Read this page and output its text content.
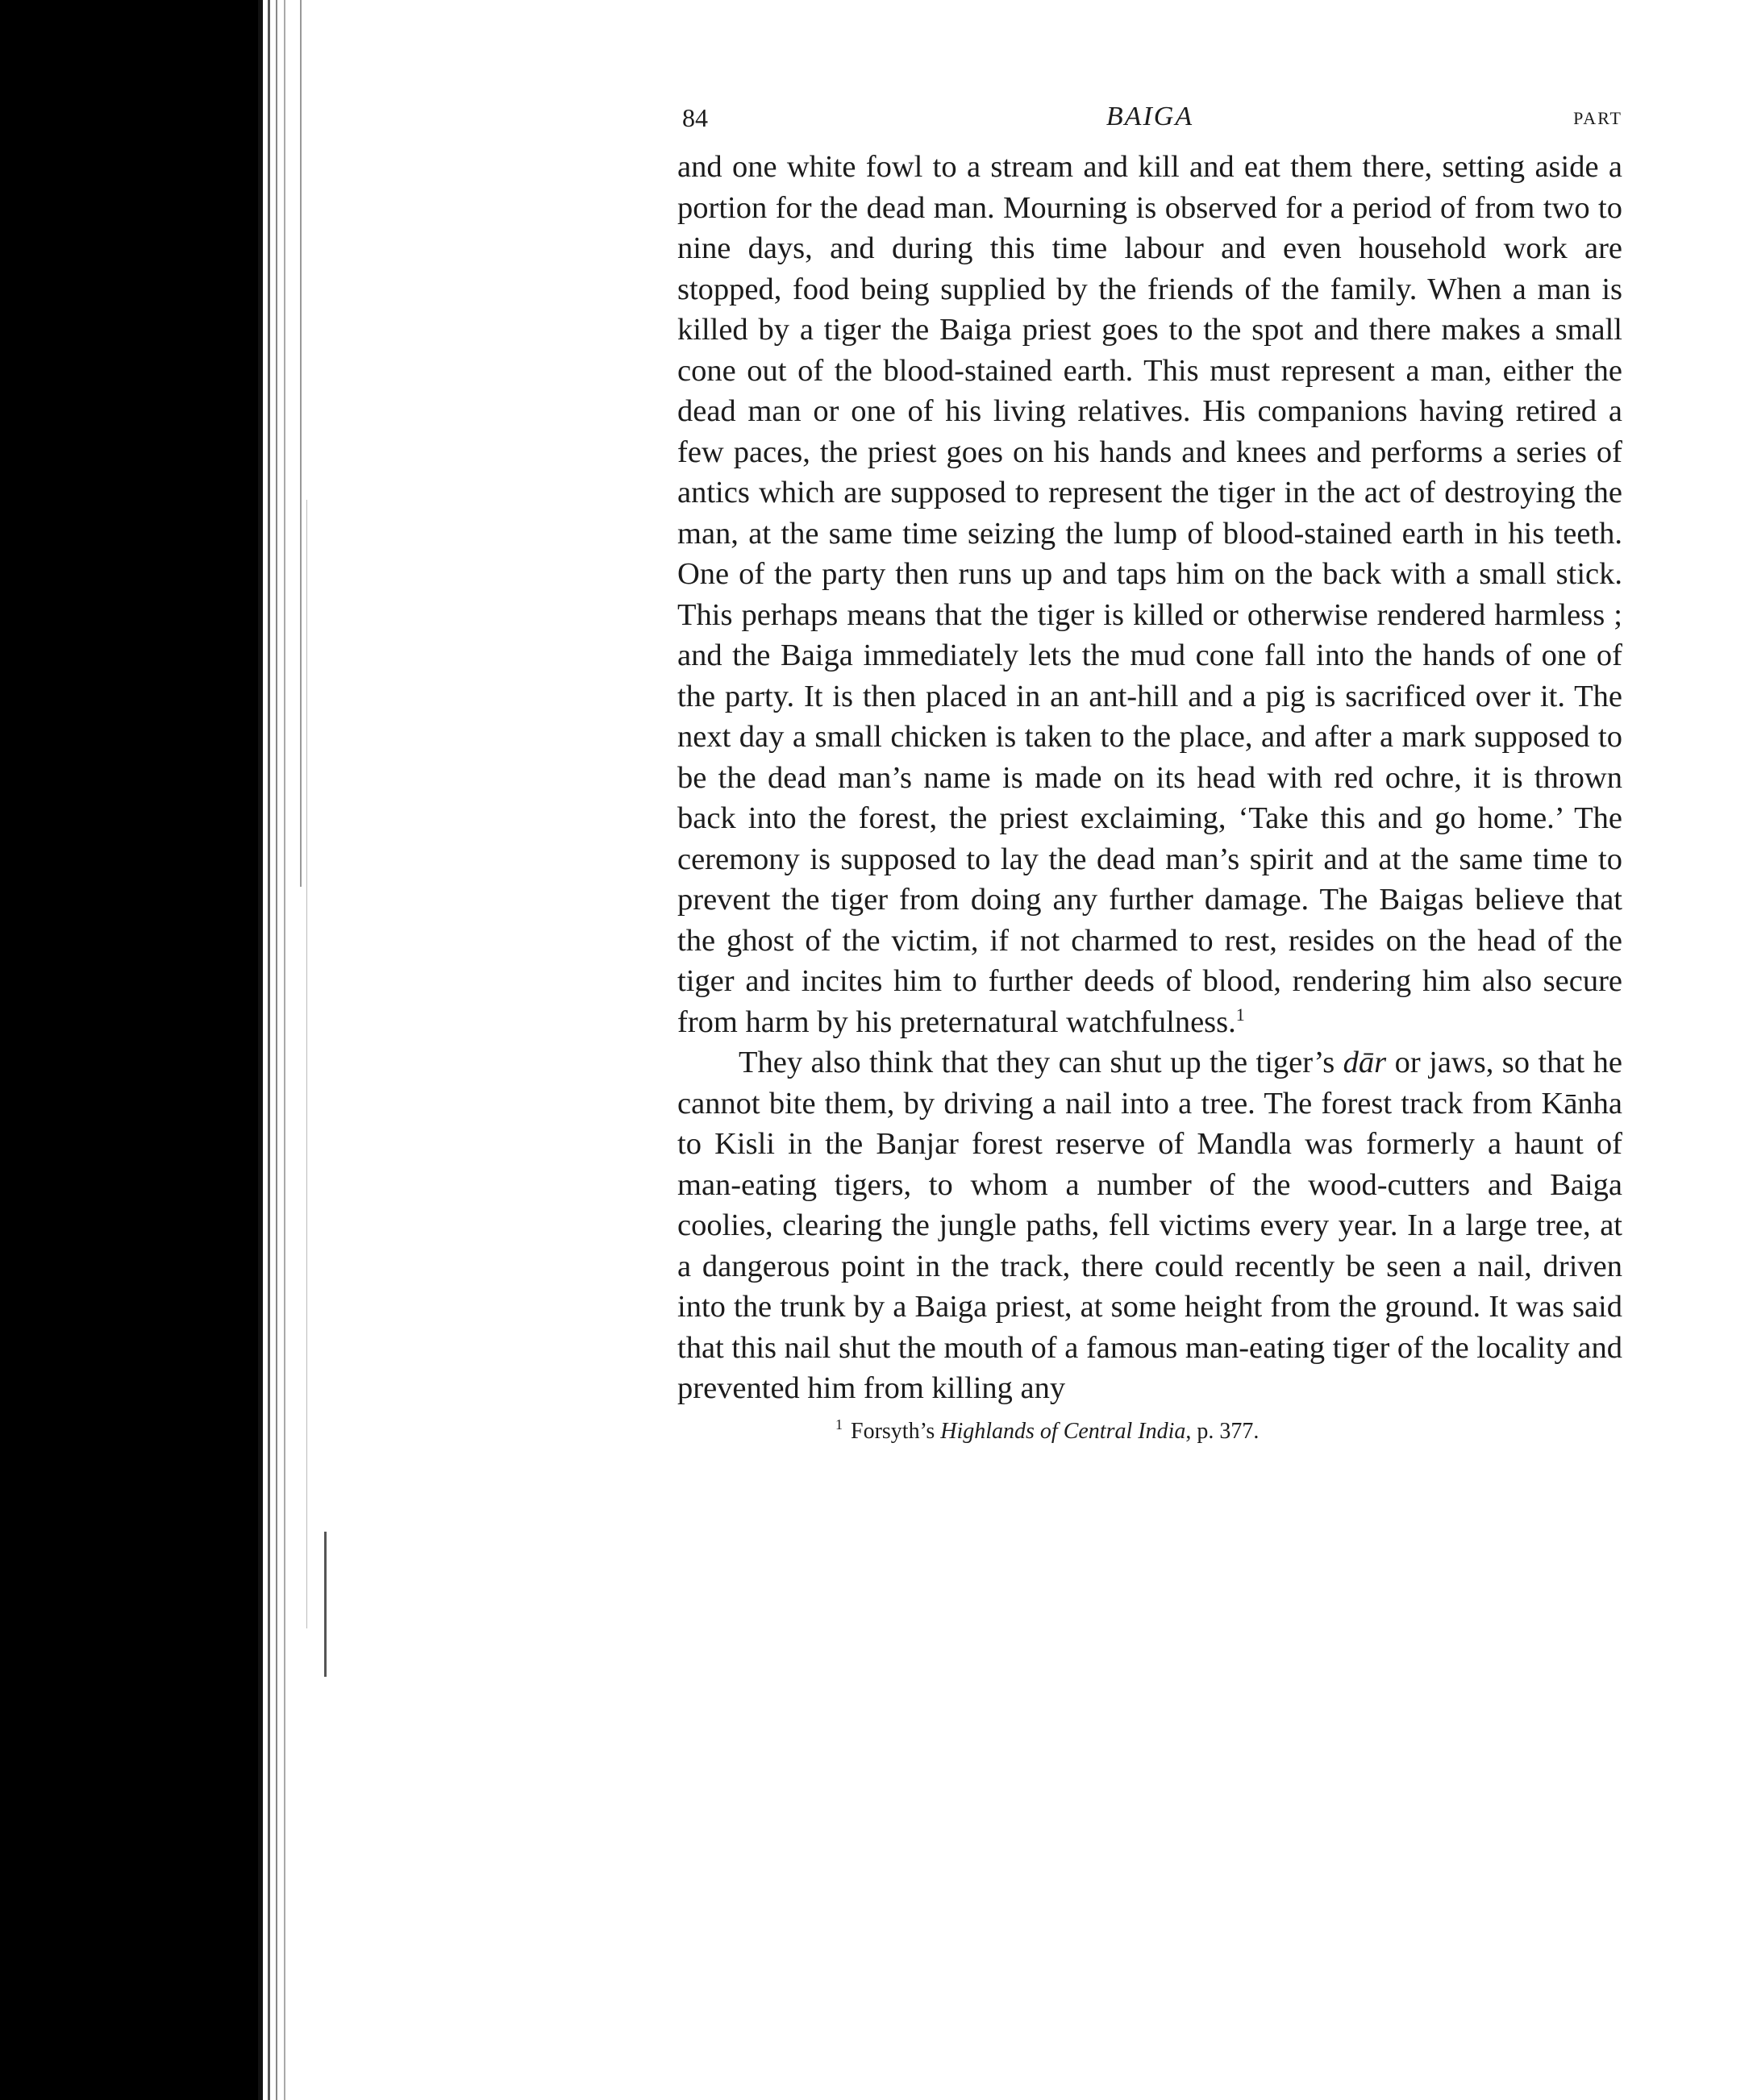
84	BAIGA	PART

and one white fowl to a stream and kill and eat them there, setting aside a portion for the dead man. Mourning is observed for a period of from two to nine days, and during this time labour and even household work are stopped, food being supplied by the friends of the family. When a man is killed by a tiger the Baiga priest goes to the spot and there makes a small cone out of the blood-stained earth. This must represent a man, either the dead man or one of his living relatives. His companions having retired a few paces, the priest goes on his hands and knees and performs a series of antics which are supposed to represent the tiger in the act of destroying the man, at the same time seizing the lump of blood-stained earth in his teeth. One of the party then runs up and taps him on the back with a small stick. This perhaps means that the tiger is killed or otherwise rendered harmless ; and the Baiga immediately lets the mud cone fall into the hands of one of the party. It is then placed in an ant-hill and a pig is sacrificed over it. The next day a small chicken is taken to the place, and after a mark supposed to be the dead man’s name is made on its head with red ochre, it is thrown back into the forest, the priest exclaiming, ‘Take this and go home.’ The ceremony is supposed to lay the dead man’s spirit and at the same time to prevent the tiger from doing any further damage. The Baigas believe that the ghost of the victim, if not charmed to rest, resides on the head of the tiger and incites him to further deeds of blood, rendering him also secure from harm by his preternatural watchfulness.$^1$

They also think that they can shut up the tiger’s dār or jaws, so that he cannot bite them, by driving a nail into a tree. The forest track from Kānha to Kisli in the Banjar forest reserve of Mandla was formerly a haunt of man-eating tigers, to whom a number of the wood-cutters and Baiga coolies, clearing the jungle paths, fell victims every year. In a large tree, at a dangerous point in the track, there could recently be seen a nail, driven into the trunk by a Baiga priest, at some height from the ground. It was said that this nail shut the mouth of a famous man-eating tiger of the locality and prevented him from killing any

$^1$ Forsyth’s Highlands of Central India, p. 377.
